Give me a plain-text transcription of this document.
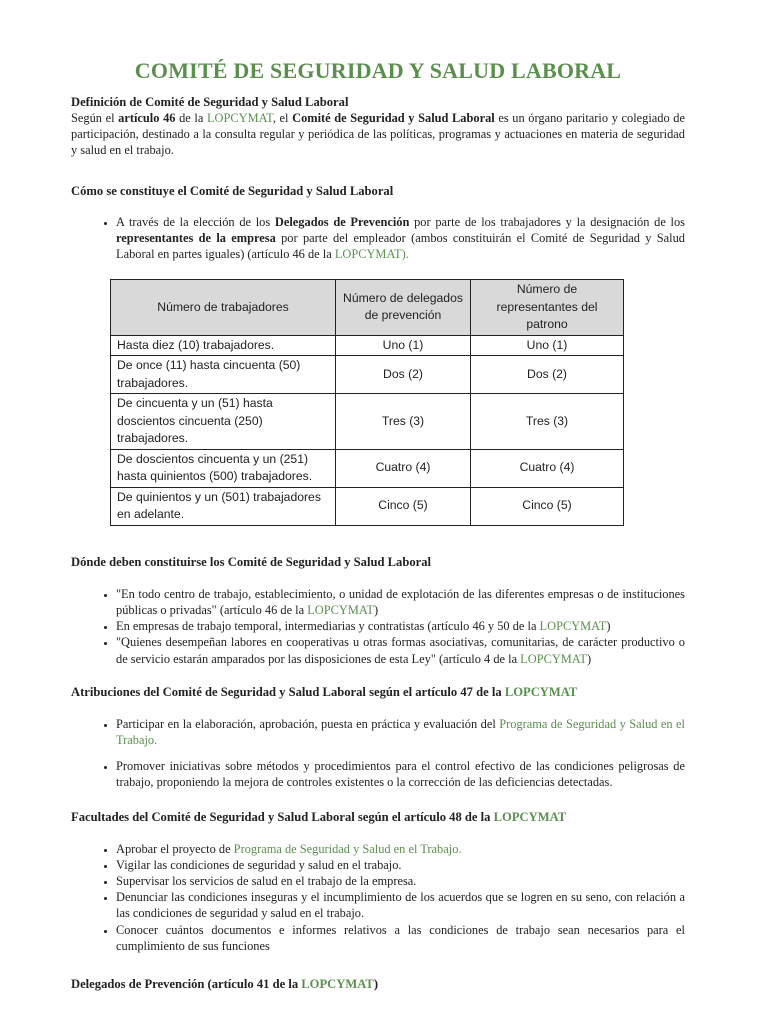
COMITÉ DE SEGURIDAD Y SALUD LABORAL

Definición de Comité de Seguridad y Salud Laboral

Según el artículo 46 de la LOPCYMAT, el Comité de Seguridad y Salud Laboral es un órgano paritario y colegiado de participación, destinado a la consulta regular y periódica de las políticas, programas y actuaciones en materia de seguridad y salud en el trabajo.

Cómo se constituye el Comité de Seguridad y Salud Laboral

• A través de la elección de los Delegados de Prevención por parte de los trabajadores y la designación de los representantes de la empresa por parte del empleador (ambos constituirán el Comité de Seguridad y Salud Laboral en partes iguales) (artículo 46 de la LOPCYMAT).
Número de trabajadores	Número de delegados de prevención	Número de representantes del patrono
Hasta diez (10) trabajadores.	Uno (1)	Uno (1)
De once (11) hasta cincuenta (50) trabajadores.	Dos (2)	Dos (2)
De cincuenta y un (51) hasta doscientos cincuenta (250) trabajadores.	Tres (3)	Tres (3)
De doscientos cincuenta y un (251) hasta quinientos (500) trabajadores.	Cuatro (4)	Cuatro (4)
De quinientos y un (501) trabajadores en adelante.	Cinco (5)	Cinco (5)

Dónde deben constituirse los Comité de Seguridad y Salud Laboral

• "En todo centro de trabajo, establecimiento, o unidad de explotación de las diferentes empresas o de instituciones públicas o privadas" (artículo 46 de la LOPCYMAT)
• En empresas de trabajo temporal, intermediarias y contratistas (artículo 46 y 50 de la LOPCYMAT)
• "Quienes desempeñan labores en cooperativas u otras formas asociativas, comunitarias, de carácter productivo o de servicio estarán amparados por las disposiciones de esta Ley" (artículo 4 de la LOPCYMAT)

Atribuciones del Comité de Seguridad y Salud Laboral según el artículo 47 de la LOPCYMAT

• Participar en la elaboración, aprobación, puesta en práctica y evaluación del Programa de Seguridad y Salud en el Trabajo.
• Promover iniciativas sobre métodos y procedimientos para el control efectivo de las condiciones peligrosas de trabajo, proponiendo la mejora de controles existentes o la corrección de las deficiencias detectadas.

Facultades del Comité de Seguridad y Salud Laboral según el artículo 48 de la LOPCYMAT

• Aprobar el proyecto de Programa de Seguridad y Salud en el Trabajo.
• Vigilar las condiciones de seguridad y salud en el trabajo.
• Supervisar los servicios de salud en el trabajo de la empresa.
• Denunciar las condiciones inseguras y el incumplimiento de los acuerdos que se logren en su seno, con relación a las condiciones de seguridad y salud en el trabajo.
• Conocer cuántos documentos e informes relativos a las condiciones de trabajo sean necesarios para el cumplimiento de sus funciones

Delegados de Prevención (artículo 41 de la LOPCYMAT)
